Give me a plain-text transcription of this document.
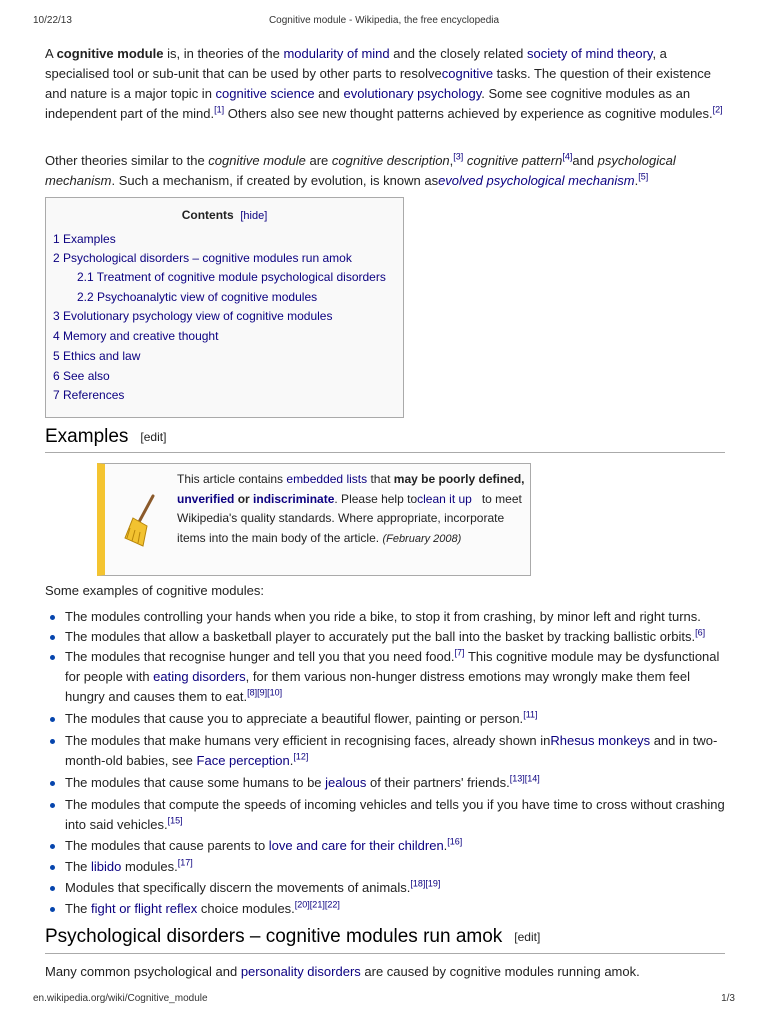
10/22/13	Cognitive module - Wikipedia, the free encyclopedia

A cognitive module is, in theories of the modularity of mind and the closely related society of mind theory, a specialised tool or sub-unit that can be used by other parts to resolvecognitive tasks. The question of their existence and nature is a major topic in cognitive science and evolutionary psychology. Some see cognitive modules as an independent part of the mind.[1] Others also see new thought patterns achieved by experience as cognitive modules.[2]

Other theories similar to the cognitive module are cognitive description,[3] cognitive pattern[4]and psychological mechanism. Such a mechanism, if created by evolution, is known asevolved psychological mechanism.[5]

Contents [hide]
1 Examples
2 Psychological disorders – cognitive modules run amok
2.1 Treatment of cognitive module psychological disorders
2.2 Psychoanalytic view of cognitive modules
3 Evolutionary psychology view of cognitive modules
4 Memory and creative thought
5 Ethics and law
6 See also
7 References
Examples [edit]
This article contains embedded lists that may be poorly defined, unverified or indiscriminate. Please help toclean it up   to meet Wikipedia's quality standards. Where appropriate, incorporate items into the main body of the article. (February 2008)

Some examples of cognitive modules:

The modules controlling your hands when you ride a bike, to stop it from crashing, by minor left and right turns.
The modules that allow a basketball player to accurately put the ball into the basket by tracking ballistic orbits.[6]
The modules that recognise hunger and tell you that you need food.[7] This cognitive module may be dysfunctional for people with eating disorders, for them various non-hunger distress emotions may wrongly make them feel hungry and causes them to eat.[8][9][10]
The modules that cause you to appreciate a beautiful flower, painting or person.[11]
The modules that make humans very efficient in recognising faces, already shown inRhesus monkeys and in two-month-old babies, see Face perception.[12]
The modules that cause some humans to be jealous of their partners' friends.[13][14]
The modules that compute the speeds of incoming vehicles and tells you if you have time to cross without crashing into said vehicles.[15]
The modules that cause parents to love and care for their children.[16]
The libido modules.[17]
Modules that specifically discern the movements of animals.[18][19]
The fight or flight reflex choice modules.[20][21][22]
Psychological disorders – cognitive modules run amok [edit]

Many common psychological and personality disorders are caused by cognitive modules running amok.

en.wikipedia.org/wiki/Cognitive_module	1/3
